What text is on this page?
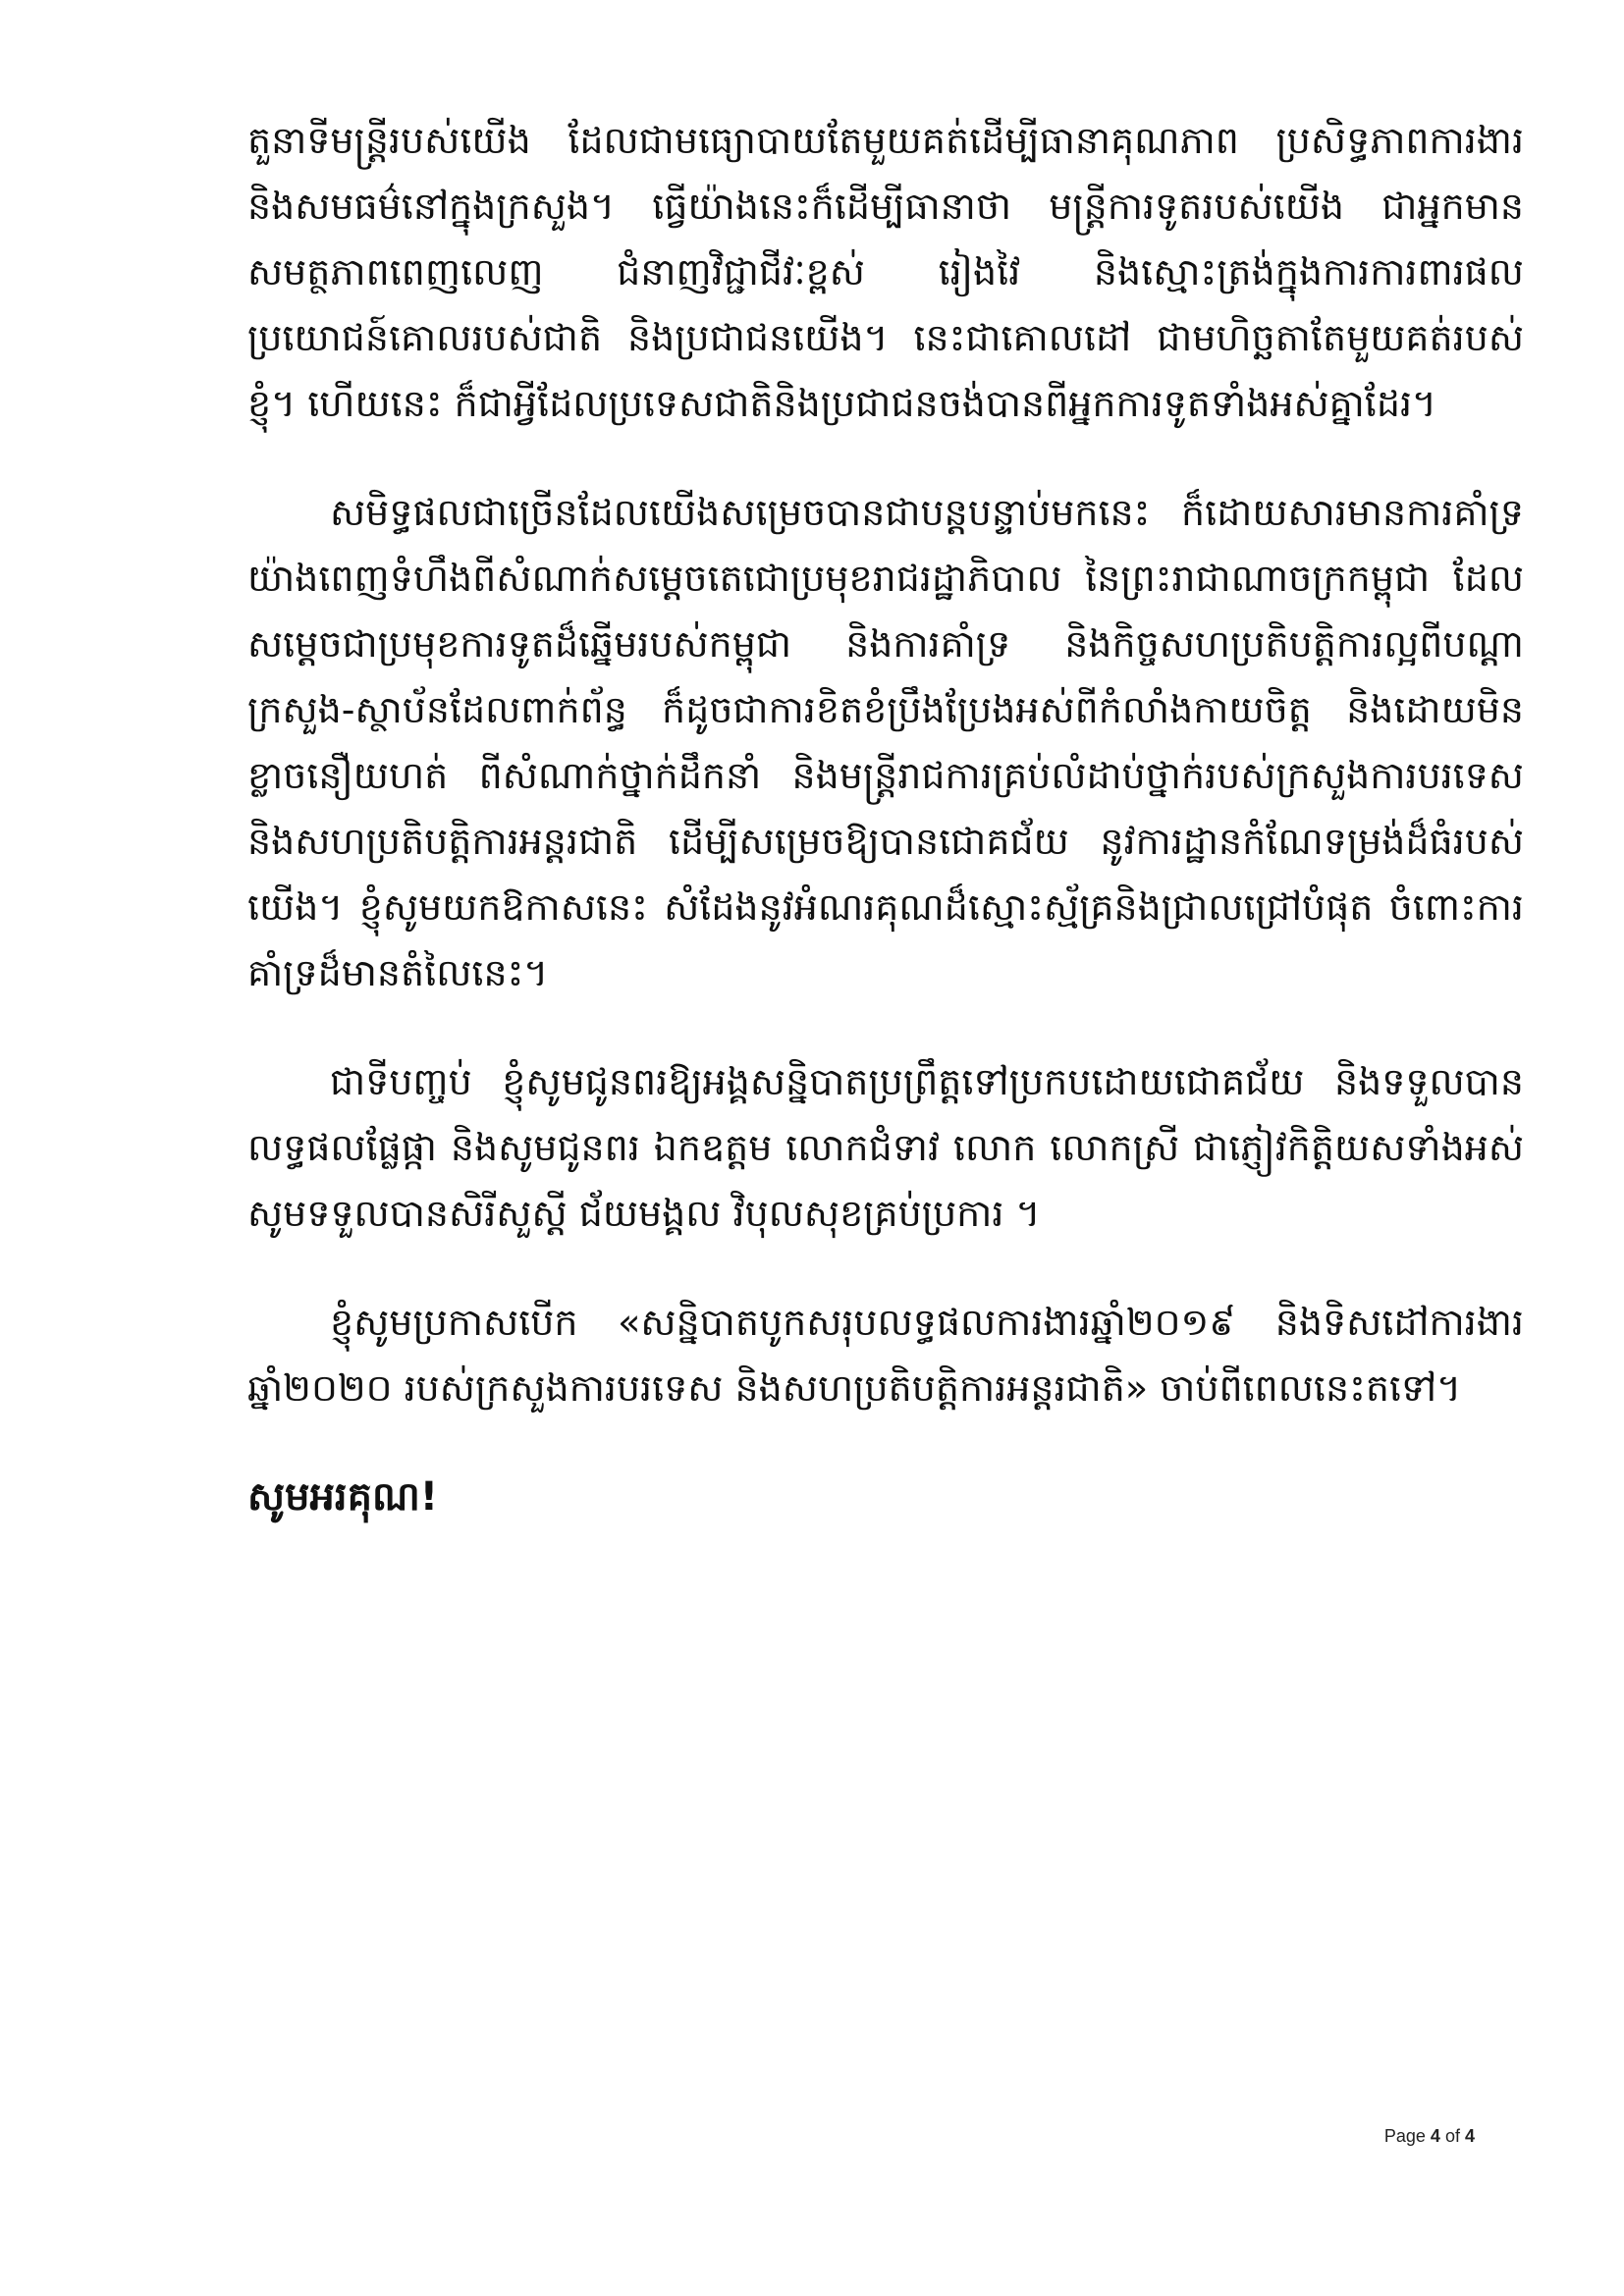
តួនាទីមន្ត្រីរបស់យើង ដែលជាមធ្យោបាយតែមួយគត់ដើម្បីធានាគុណភាព ប្រសិទ្ធភាពការងារ និងសមធម៌នៅក្នុងក្រសួង។ ធ្វើយ៉ាងនេះក៏ដើម្បីធានាថា មន្ត្រីការទូតរបស់យើង ជាអ្នកមានសមត្ថភាពពេញលេញ ជំនាញវិជ្ជាជីវៈខ្ពស់ រៀងវៃ និងស្មោះត្រង់ក្នុងការការពារផលប្រយោជន៍គោលរបស់ជាតិ និងប្រជាជនយើង។ នេះជាគោលដៅ ជាមហិច្ឆតាតែមួយគត់របស់ខ្ញុំ។ ហើយនេះ ក៏ជាអ្វីដែលប្រទេសជាតិនិងប្រជាជនចង់បានពីអ្នកការទូតទាំងអស់គ្នាដែរ។

សមិទ្ធផលជាច្រើនដែលយើងសម្រេចបានជាបន្តបន្ទាប់មកនេះ ក៏ដោយសារមានការគាំទ្រយ៉ាងពេញទំហឹងពីសំណាក់សម្តេចតេជោប្រមុខរាជរដ្ឋាភិបាល នៃព្រះរាជាណាចក្រកម្ពុជា ដែលសម្តេចជាប្រមុខការទូតដ៏ឆ្នើមរបស់កម្ពុជា និងការគាំទ្រ និងកិច្ចសហប្រតិបត្តិការល្អពីបណ្តាក្រសួង-ស្ថាប័នដែលពាក់ព័ន្ធ ក៏ដូចជាការខិតខំប្រឹងប្រែងអស់ពីកំលាំងកាយចិត្ត និងដោយមិនខ្លាចនឿយហត់ ពីសំណាក់ថ្នាក់ដឹកនាំ និងមន្ត្រីរាជការគ្រប់លំដាប់ថ្នាក់របស់ក្រសួងការបរទេស និងសហប្រតិបត្តិការអន្តរជាតិ ដើម្បីសម្រេចឱ្យបានជោគជ័យ នូវការដ្ឋានកំណែទម្រង់ដ៏ធំរបស់យើង។ ខ្ញុំសូមយកឱកាសនេះ សំដែងនូវអំណរគុណដ៏ស្មោះស្ម័គ្រនិងជ្រាលជ្រៅបំផុត ចំពោះការគាំទ្រដ៏មានតំលៃនេះ។

ជាទីបញ្ចប់ ខ្ញុំសូមជូនពរឱ្យអង្គសន្និបាតប្រព្រឹត្តទៅប្រកបដោយជោគជ័យ និងទទួលបានលទ្ធផលផ្លែផ្កា និងសូមជូនពរ ឯកឧត្តម លោកជំទាវ លោក លោកស្រី ជាភ្ញៀវកិត្តិយសទាំងអស់ សូមទទួលបានសិរីសួស្តី ជ័យមង្គល វិបុលសុខគ្រប់ប្រការ ។

ខ្ញុំសូមប្រកាសបើក «សន្និបាតបូកសរុបលទ្ធផលការងារឆ្នាំ២០១៩ និងទិសដៅការងារឆ្នាំ២០២០ របស់ក្រសួងការបរទេស និងសហប្រតិបត្តិការអន្តរជាតិ» ចាប់ពីពេលនេះតទៅ។

សូមអរគុណ!

Page 4 of 4
